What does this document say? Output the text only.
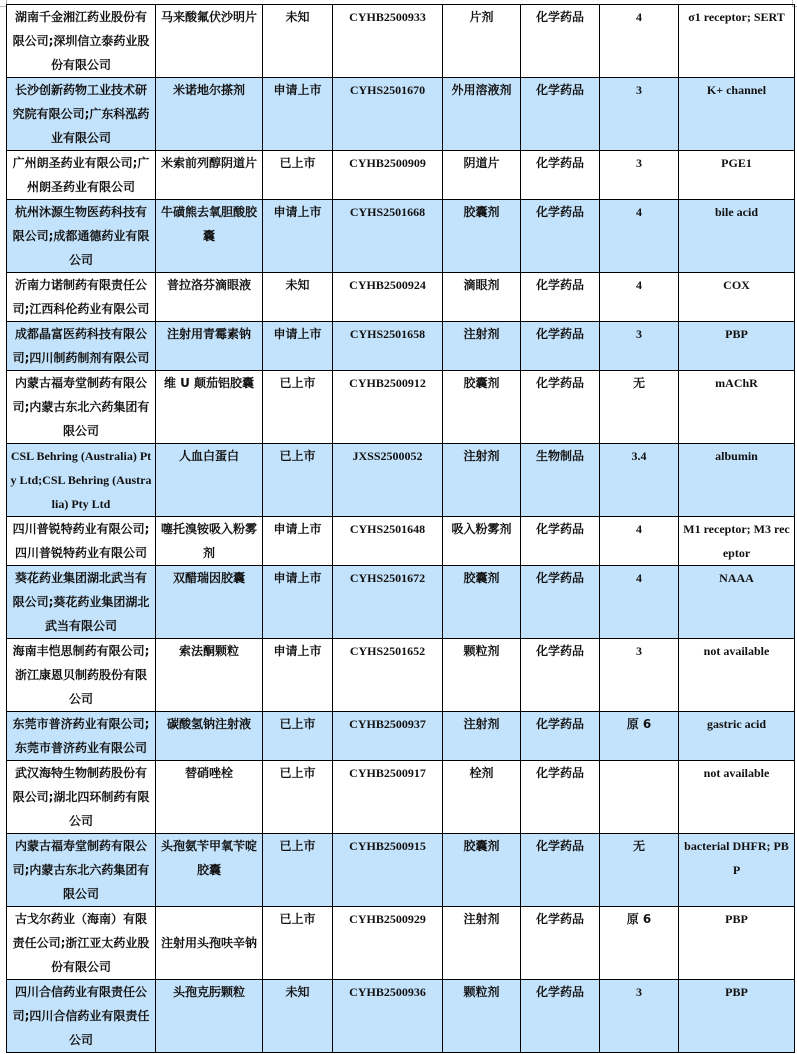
湖南千金湘江药业股份有限公司;深圳信立泰药业股份有限公司	马来酸氟伏沙明片	未知	CYHB2500933	片剂	化学药品	4	σ1 receptor; SERT
长沙创新药物工业技术研究院有限公司;广东科泓药业有限公司	米诺地尔搽剂	申请上市	CYHS2501670	外用溶液剂	化学药品	3	K+ channel
广州朗圣药业有限公司;广州朗圣药业有限公司	米索前列醇阴道片	已上市	CYHB2500909	阴道片	化学药品	3	PGE1
杭州沐源生物医药科技有限公司;成都通德药业有限公司	牛磺熊去氧胆酸胶囊	申请上市	CYHS2501668	胶囊剂	化学药品	4	bile acid
沂南力诺制药有限责任公司;江西科伦药业有限公司	普拉洛芬滴眼液	未知	CYHB2500924	滴眼剂	化学药品	4	COX
成都晶富医药科技有限公司;四川制药制剂有限公司	注射用青霉素钠	申请上市	CYHS2501658	注射剂	化学药品	3	PBP
内蒙古福寿堂制药有限公司;内蒙古东北六药集团有限公司	维 U 颠茄铝胶囊	已上市	CYHB2500912	胶囊剂	化学药品	无	mAChR
CSL Behring (Australia) Pty Ltd;CSL Behring (Australia) Pty Ltd	人血白蛋白	已上市	JXSS2500052	注射剂	生物制品	3.4	albumin
四川普锐特药业有限公司;四川普锐特药业有限公司	噻托溴铵吸入粉雾剂	申请上市	CYHS2501648	吸入粉雾剂	化学药品	4	M1 receptor; M3 receptor
葵花药业集团湖北武当有限公司;葵花药业集团湖北武当有限公司	双醋瑞因胶囊	申请上市	CYHS2501672	胶囊剂	化学药品	4	NAAA
海南丰恺思制药有限公司;浙江康恩贝制药股份有限公司	索法酮颗粒	申请上市	CYHS2501652	颗粒剂	化学药品	3	not available
东莞市普济药业有限公司;东莞市普济药业有限公司	碳酸氢钠注射液	已上市	CYHB2500937	注射剂	化学药品	原 6	gastric acid
武汉海特生物制药股份有限公司;湖北四环制药有限公司	替硝唑栓	已上市	CYHB2500917	栓剂	化学药品		not available
内蒙古福寿堂制药有限公司;内蒙古东北六药集团有限公司	头孢氨苄甲氧苄啶胶囊	已上市	CYHB2500915	胶囊剂	化学药品	无	bacterial DHFR; PBP
古戈尔药业（海南）有限责任公司;浙江亚太药业股份有限公司	注射用头孢呋辛钠	已上市	CYHB2500929	注射剂	化学药品	原 6	PBP
四川合信药业有限责任公司;四川合信药业有限责任公司	头孢克肟颗粒	未知	CYHB2500936	颗粒剂	化学药品	3	PBP
